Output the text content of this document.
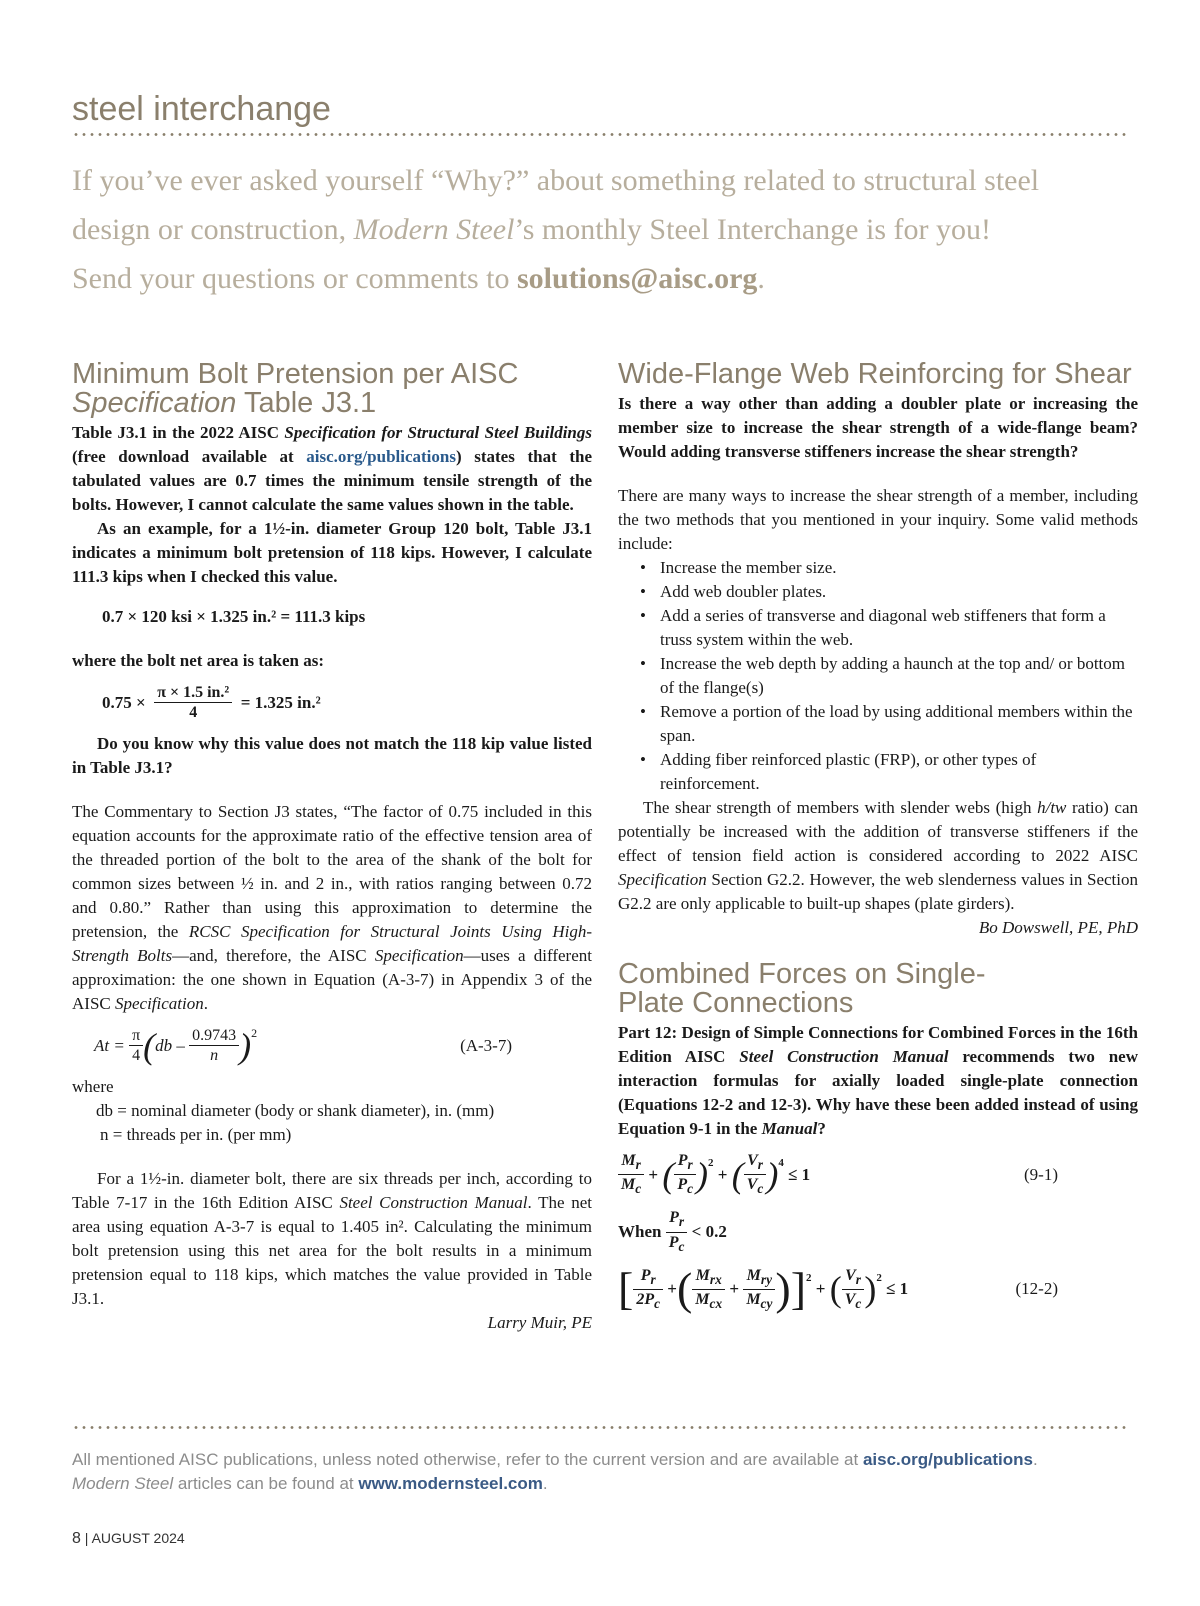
steel interchange
If you’ve ever asked yourself “Why?” about something related to structural steel
design or construction, Modern Steel’s monthly Steel Interchange is for you!
Send your questions or comments to solutions@aisc.org.
Minimum Bolt Pretension per AISC
Specification Table J3.1

Table J3.1 in the 2022 AISC Specification for Structural Steel Buildings (free download available at aisc.org/publications) states that the tabulated values are 0.7 times the minimum tensile strength of the bolts. However, I cannot calculate the same values shown in the table.

As an example, for a 1½-in. diameter Group 120 bolt, Table J3.1 indicates a minimum bolt pretension of 118 kips. However, I calculate 111.3 kips when I checked this value.

0.7 × 120 ksi × 1.325 in.² = 111.3 kips

where the bolt net area is taken as:

0.75 ×
$\frac{\text{π × 1.5 in.²}}{4}$
= 1.325 in.²

Do you know why this value does not match the 118 kip value listed in Table J3.1?

The Commentary to Section J3 states, “The factor of 0.75 included in this equation accounts for the approximate ratio of the effective tension area of the threaded portion of the bolt to the area of the shank of the bolt for common sizes between ½ in. and 2 in., with ratios ranging between 0.72 and 0.80.” Rather than using this approximation to determine the pretension, the RCSC Specification for Structural Joints Using High-Strength Bolts—and, therefore, the AISC Specification—uses a different approximation: the one shown in Equation (A-3-7) in Appendix 3 of the AISC Specification.

At =
$\frac{\pi}{4}$ ( db –
$\frac{0.9743}{n} )^2$
(A-3-7)

where

db = nominal diameter (body or shank diameter), in. (mm)

n = threads per in. (per mm)

For a 1½-in. diameter bolt, there are six threads per inch, according to Table 7-17 in the 16th Edition AISC Steel Construction Manual. The net area using equation A-3-7 is equal to 1.405 in². Calculating the minimum bolt pretension using this net area for the bolt results in a minimum pretension equal to 118 kips, which matches the value provided in Table J3.1.

Larry Muir, PE
Wide-Flange Web Reinforcing for Shear

Is there a way other than adding a doubler plate or increasing the member size to increase the shear strength of a wide-flange beam? Would adding transverse stiffeners increase the shear strength?

There are many ways to increase the shear strength of a member, including the two methods that you mentioned in your inquiry. Some valid methods include:

• Increase the member size.
• Add web doubler plates.
• Add a series of transverse and diagonal web stiffeners that form a truss system within the web.
• Increase the web depth by adding a haunch at the top and/ or bottom of the flange(s)
• Remove a portion of the load by using additional members within the span.
• Adding fiber reinforced plastic (FRP), or other types of reinforcement.

The shear strength of members with slender webs (high h/tw ratio) can potentially be increased with the addition of transverse stiffeners if the effect of tension field action is considered according to 2022 AISC Specification Section G2.2. However, the web slenderness values in Section G2.2 are only applicable to built-up shapes (plate girders).

Bo Dowswell, PE, PhD
Combined Forces on Single-Plate Connections

Part 12: Design of Simple Connections for Combined Forces in the 16th Edition AISC Steel Construction Manual recommends two new interaction formulas for axially loaded single-plate connection (Equations 12-2 and 12-3). Why have these been added instead of using Equation 9-1 in the Manual?

$\frac{M_r}{M_c}$
+
( $\frac{P_r}{P_c} )^2$

+
( $\frac{V_r}{V_c} )^4$

≤ 1	(9-1)
When
$\frac{P_r}{P_c}$
< 0.2
[ $\frac{P_r}{2P_c}$
+ ( $\frac{M_{rx}}{M_{cx}}$
+
$\frac{M_{ry}}{M_{cy}} )]^2$

+
( $\frac{V_r}{V_c} )^2$

≤ 1	(12-2)
All mentioned AISC publications, unless noted otherwise, refer to the current version and are available at aisc.org/publications.
Modern Steel articles can be found at www.modernsteel.com.
8 | AUGUST 2024
